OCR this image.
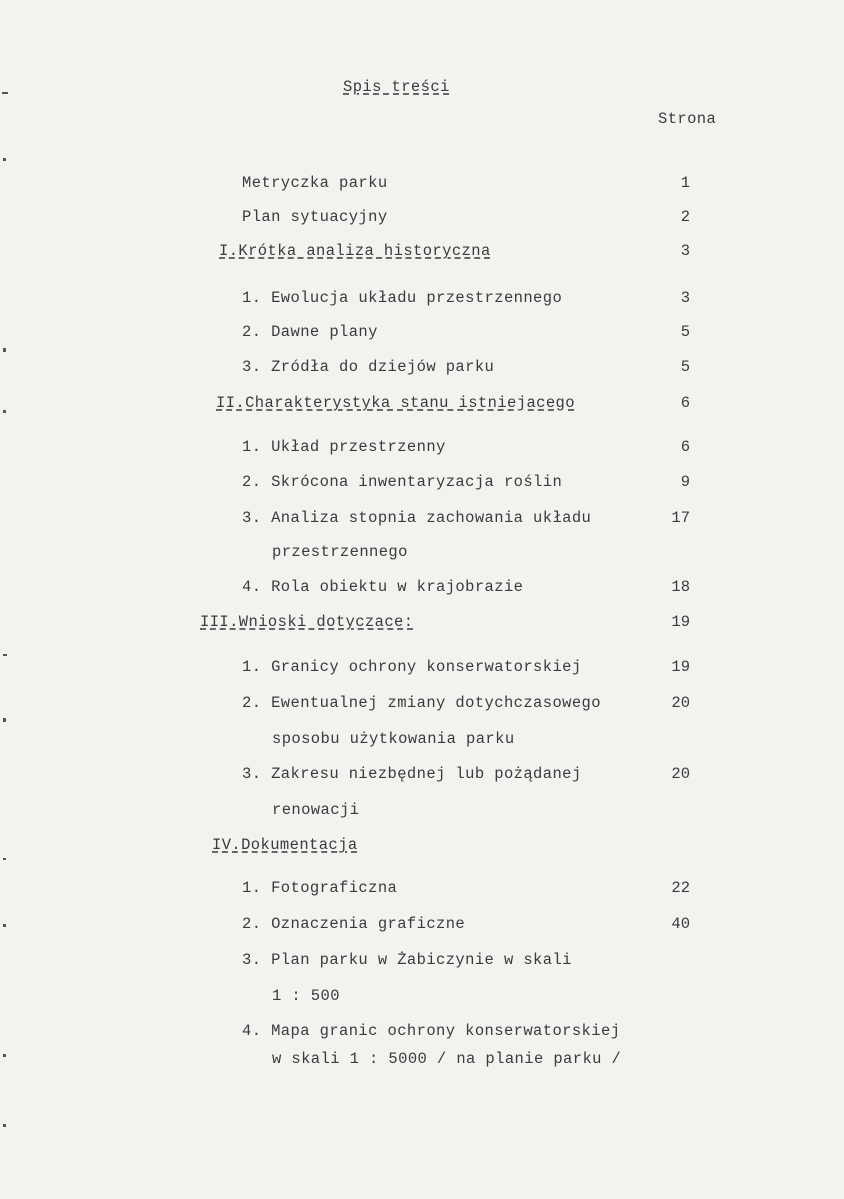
Spis treści
Strona
Metryczka parku	1
Plan sytuacyjny	2
I.Krótka analiza historyczna	3
1. Ewolucja układu przestrzennego	3
2. Dawne plany	5
3. Zródła do dziejów parku	5
II.Charakterystyka stanu istniejacego	6
1. Układ przestrzenny	6
2. Skrócona inwentaryzacja roślin	9
3. Analiza stopnia zachowania układu	17
przestrzennego
4. Rola obiektu w krajobrazie	18
III.Wnioski dotyczace:	19
1. Granicy ochrony konserwatorskiej	19
2. Ewentualnej zmiany dotychczasowego	20
sposobu użytkowania parku
3. Zakresu niezbędnej lub pożądanej	20
renowacji
IV.Dokumentacja
1. Fotograficzna	22
2. Oznaczenia graficzne	40
3. Plan parku w Żabiczynie w skali
1 : 500
4. Mapa granic ochrony konserwatorskiej
w skali 1 : 5000 / na planie parku /
